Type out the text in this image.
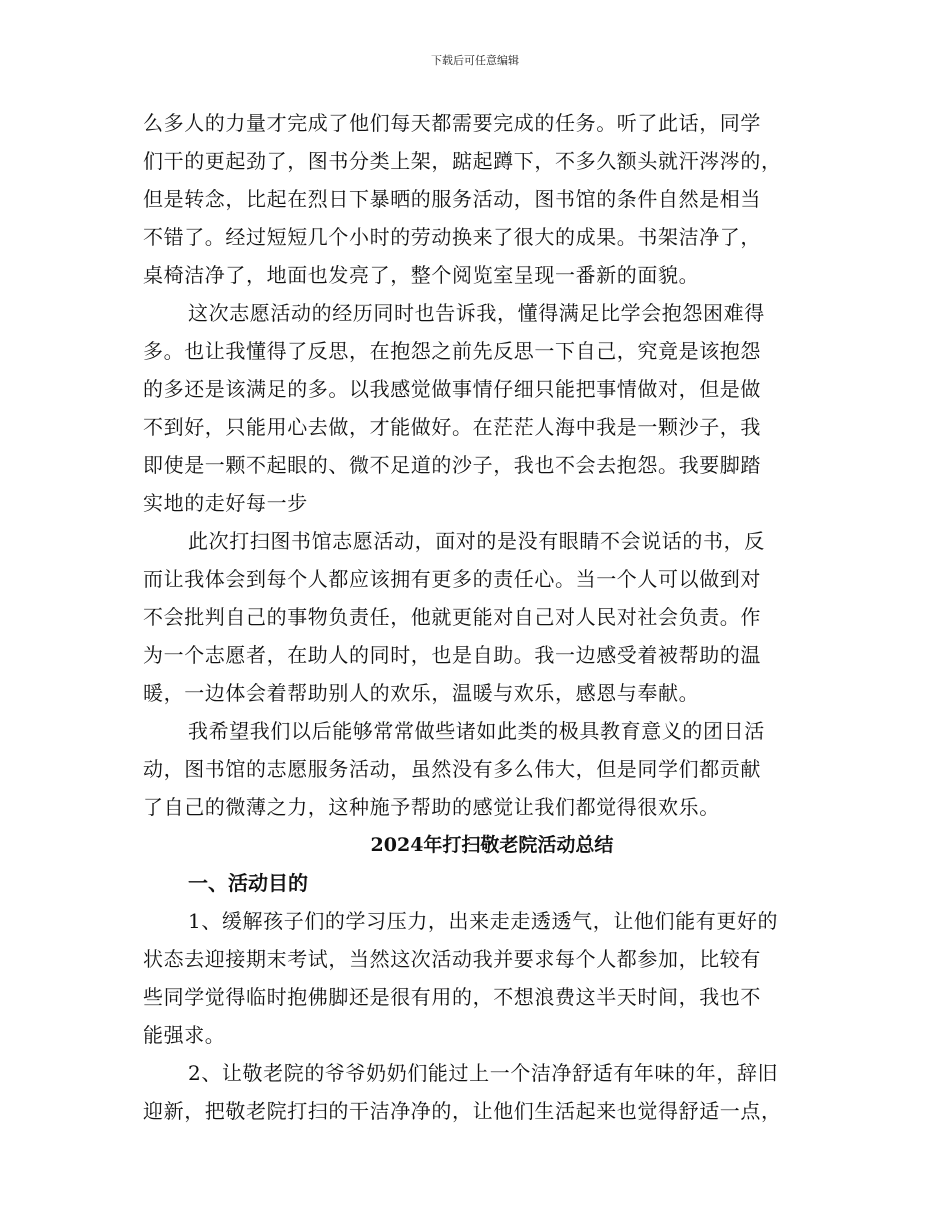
下载后可任意编辑
么多人的力量才完成了他们每天都需要完成的任务。听了此话，同学
们干的更起劲了，图书分类上架，踮起蹲下，不多久额头就汗涔涔的，
但是转念，比起在烈日下暴晒的服务活动，图书馆的条件自然是相当
不错了。经过短短几个小时的劳动换来了很大的成果。书架洁净了，
桌椅洁净了，地面也发亮了，整个阅览室呈现一番新的面貌。
这次志愿活动的经历同时也告诉我，懂得满足比学会抱怨困难得
多。也让我懂得了反思，在抱怨之前先反思一下自己，究竟是该抱怨
的多还是该满足的多。以我感觉做事情仔细只能把事情做对，但是做
不到好，只能用心去做，才能做好。在茫茫人海中我是一颗沙子，我
即使是一颗不起眼的、微不足道的沙子，我也不会去抱怨。我要脚踏
实地的走好每一步
此次打扫图书馆志愿活动，面对的是没有眼睛不会说话的书，反
而让我体会到每个人都应该拥有更多的责任心。当一个人可以做到对
不会批判自己的事物负责任，他就更能对自己对人民对社会负责。作
为一个志愿者，在助人的同时，也是自助。我一边感受着被帮助的温
暖，一边体会着帮助别人的欢乐，温暖与欢乐，感恩与奉献。
我希望我们以后能够常常做些诸如此类的极具教育意义的团日活
动，图书馆的志愿服务活动，虽然没有多么伟大，但是同学们都贡献
了自己的微薄之力，这种施予帮助的感觉让我们都觉得很欢乐。
2024年打扫敬老院活动总结
一、活动目的
1、缓解孩子们的学习压力，出来走走透透气，让他们能有更好的
状态去迎接期末考试，当然这次活动我并要求每个人都参加，比较有
些同学觉得临时抱佛脚还是很有用的，不想浪费这半天时间，我也不
能强求。
2、让敬老院的爷爷奶奶们能过上一个洁净舒适有年味的年，辞旧
迎新，把敬老院打扫的干洁净净的，让他们生活起来也觉得舒适一点，
